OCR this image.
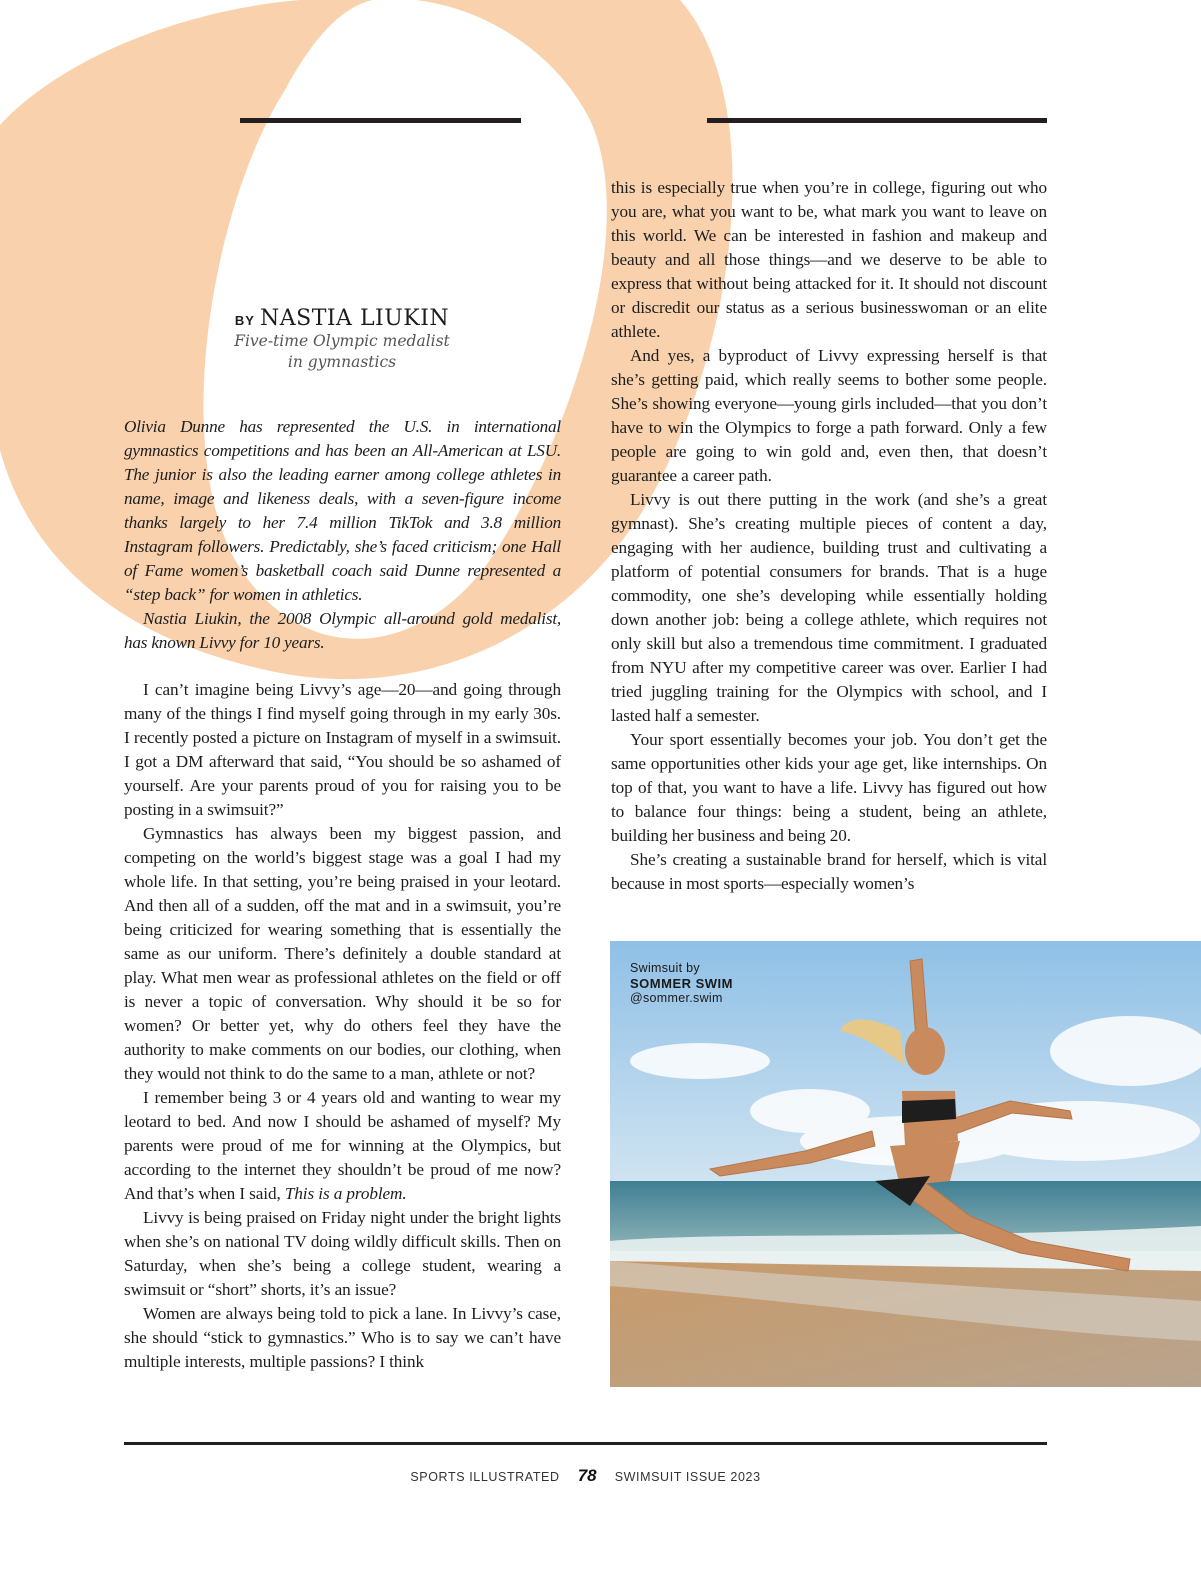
BY NASTIA LIUKIN
Five-time Olympic medalist
in gymnastics

Olivia Dunne has represented the U.S. in international gymnastics competitions and has been an All-American at LSU. The junior is also the leading earner among college athletes in name, image and likeness deals, with a seven-figure income thanks largely to her 7.4 million TikTok and 3.8 million Instagram followers. Predictably, she’s faced criticism; one Hall of Fame women’s basketball coach said Dunne represented a “step back” for women in athletics.

Nastia Liukin, the 2008 Olympic all-around gold medalist, has known Livvy for 10 years.

I can’t imagine being Livvy’s age—20—and going through many of the things I find myself going through in my early 30s. I recently posted a picture on Instagram of myself in a swimsuit. I got a DM afterward that said, “You should be so ashamed of yourself. Are your parents proud of you for raising you to be posting in a swimsuit?”

Gymnastics has always been my biggest passion, and competing on the world’s biggest stage was a goal I had my whole life. In that setting, you’re being praised in your leotard. And then all of a sudden, off the mat and in a swimsuit, you’re being criticized for wearing something that is essentially the same as our uniform. There’s definitely a double standard at play. What men wear as professional athletes on the field or off is never a topic of conversation. Why should it be so for women? Or better yet, why do others feel they have the authority to make comments on our bodies, our clothing, when they would not think to do the same to a man, athlete or not?

I remember being 3 or 4 years old and wanting to wear my leotard to bed. And now I should be ashamed of myself? My parents were proud of me for winning at the Olympics, but according to the internet they shouldn’t be proud of me now? And that’s when I said, This is a problem.

Livvy is being praised on Friday night under the bright lights when she’s on national TV doing wildly difficult skills. Then on Saturday, when she’s being a college student, wearing a swimsuit or “short” shorts, it’s an issue?

Women are always being told to pick a lane. In Livvy’s case, she should “stick to gymnastics.” Who is to say we can’t have multiple interests, multiple passions? I think

this is especially true when you’re in college, figuring out who you are, what you want to be, what mark you want to leave on this world. We can be interested in fashion and makeup and beauty and all those things—and we deserve to be able to express that without being attacked for it. It should not discount or discredit our status as a serious businesswoman or an elite athlete.

And yes, a byproduct of Livvy expressing herself is that she’s getting paid, which really seems to bother some people. She’s showing everyone—young girls included—that you don’t have to win the Olympics to forge a path forward. Only a few people are going to win gold and, even then, that doesn’t guarantee a career path.

Livvy is out there putting in the work (and she’s a great gymnast). She’s creating multiple pieces of content a day, engaging with her audience, building trust and cultivating a platform of potential consumers for brands. That is a huge commodity, one she’s developing while essentially holding down another job: being a college athlete, which requires not only skill but also a tremendous time commitment. I graduated from NYU after my competitive career was over. Earlier I had tried juggling training for the Olympics with school, and I lasted half a semester.

Your sport essentially becomes your job. You don’t get the same opportunities other kids your age get, like internships. On top of that, you want to have a life. Livvy has figured out how to balance four things: being a student, being an athlete, building her business and being 20.

She’s creating a sustainable brand for herself, which is vital because in most sports—especially women’s

Swimsuit by
SOMMER SWIM
@sommer.swim
SPORTS ILLUSTRATED 78 SWIMSUIT ISSUE 2023
